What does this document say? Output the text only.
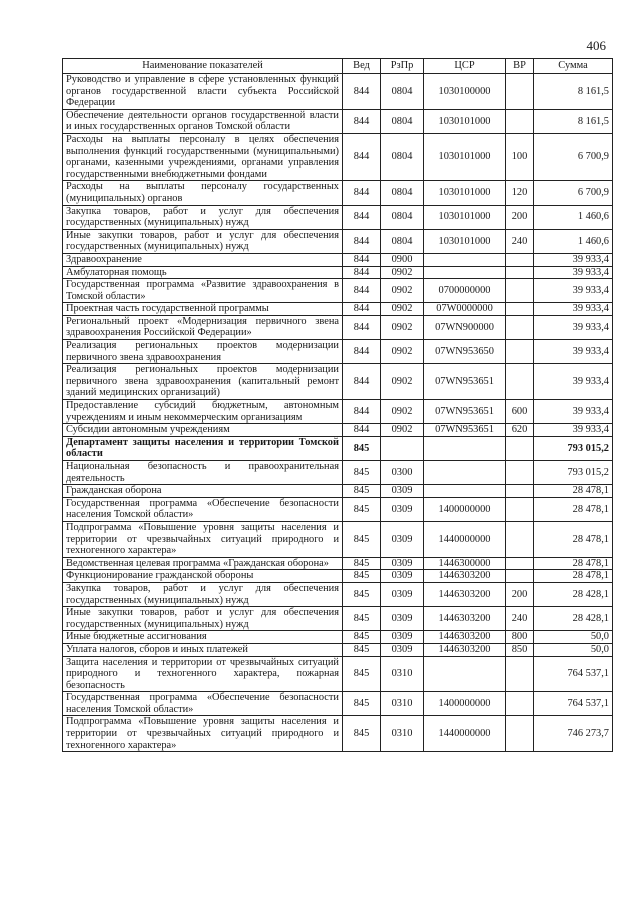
406
Наименование показателей	Вед	РзПр	ЦСР	ВР	Сумма
Руководство и управление в сфере установленных функций органов государственной власти субъекта Российской Федерации	844	0804	1030100000		8 161,5
Обеспечение деятельности органов государственной власти и иных государственных органов Томской области	844	0804	1030101000		8 161,5
Расходы на выплаты персоналу в целях обеспечения выполнения функций государственными (муниципальными) органами, казенными учреждениями, органами управления государственными внебюджетными фондами	844	0804	1030101000	100	6 700,9
Расходы на выплаты персоналу государственных (муниципальных) органов	844	0804	1030101000	120	6 700,9
Закупка товаров, работ и услуг для обеспечения государственных (муниципальных) нужд	844	0804	1030101000	200	1 460,6
Иные закупки товаров, работ и услуг для обеспечения государственных (муниципальных) нужд	844	0804	1030101000	240	1 460,6
Здравоохранение	844	0900			39 933,4
Амбулаторная помощь	844	0902			39 933,4
Государственная программа «Развитие здравоохранения в Томской области»	844	0902	0700000000		39 933,4
Проектная часть государственной программы	844	0902	07W0000000		39 933,4
Региональный проект «Модернизация первичного звена здравоохранения Российской Федерации»	844	0902	07WN900000		39 933,4
Реализация региональных проектов модернизации первичного звена здравоохранения	844	0902	07WN953650		39 933,4
Реализация региональных проектов модернизации первичного звена здравоохранения (капитальный ремонт зданий медицинских организаций)	844	0902	07WN953651		39 933,4
Предоставление субсидий бюджетным, автономным учреждениям и иным некоммерческим организациям	844	0902	07WN953651	600	39 933,4
Субсидии автономным учреждениям	844	0902	07WN953651	620	39 933,4
Департамент защиты населения и территории Томской области	845				793 015,2
Национальная безопасность и правоохранительная деятельность	845	0300			793 015,2
Гражданская оборона	845	0309			28 478,1
Государственная программа «Обеспечение безопасности населения Томской области»	845	0309	1400000000		28 478,1
Подпрограмма «Повышение уровня защиты населения и территории от чрезвычайных ситуаций природного и техногенного характера»	845	0309	1440000000		28 478,1
Ведомственная целевая программа «Гражданская оборона»	845	0309	1446300000		28 478,1
Функционирование гражданской обороны	845	0309	1446303200		28 478,1
Закупка товаров, работ и услуг для обеспечения государственных (муниципальных) нужд	845	0309	1446303200	200	28 428,1
Иные закупки товаров, работ и услуг для обеспечения государственных (муниципальных) нужд	845	0309	1446303200	240	28 428,1
Иные бюджетные ассигнования	845	0309	1446303200	800	50,0
Уплата налогов, сборов и иных платежей	845	0309	1446303200	850	50,0
Защита населения и территории от чрезвычайных ситуаций природного и техногенного характера, пожарная безопасность	845	0310			764 537,1
Государственная программа «Обеспечение безопасности населения Томской области»	845	0310	1400000000		764 537,1
Подпрограмма «Повышение уровня защиты населения и территории от чрезвычайных ситуаций природного и техногенного характера»	845	0310	1440000000		746 273,7
